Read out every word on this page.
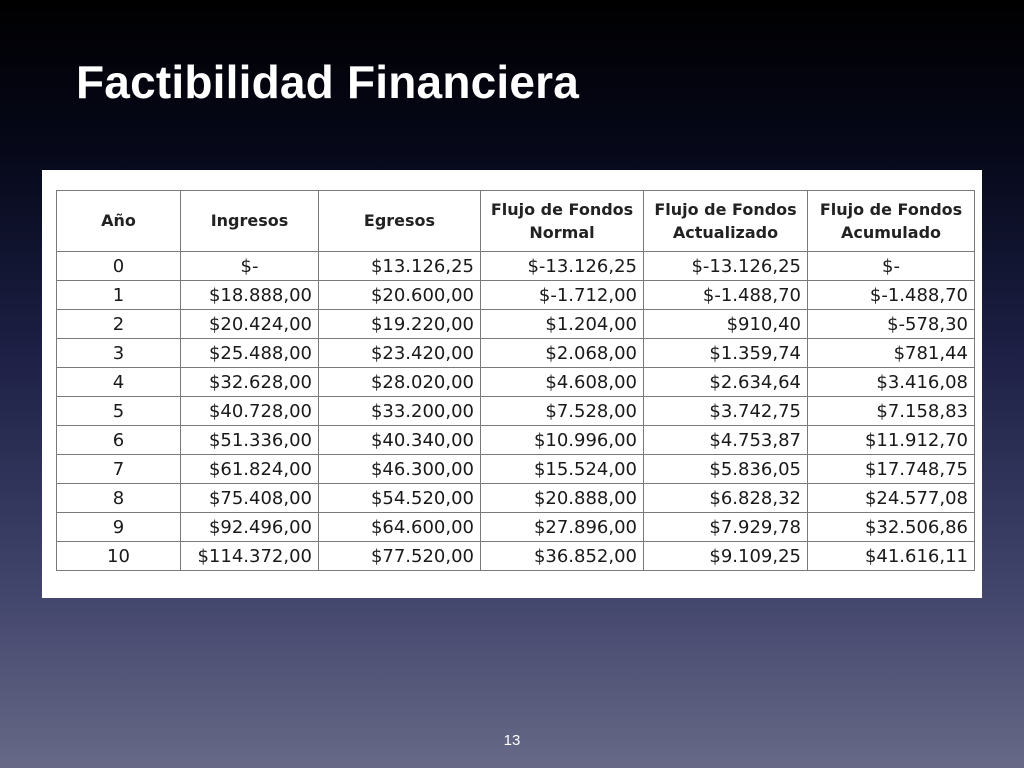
Factibilidad Financiera
Año	Ingresos	Egresos	Flujo de Fondos Normal	Flujo de Fondos Actualizado	Flujo de Fondos Acumulado
0	$-	$13.126,25	$-13.126,25	$-13.126,25	$-
1	$18.888,00	$20.600,00	$-1.712,00	$-1.488,70	$-1.488,70
2	$20.424,00	$19.220,00	$1.204,00	$910,40	$-578,30
3	$25.488,00	$23.420,00	$2.068,00	$1.359,74	$781,44
4	$32.628,00	$28.020,00	$4.608,00	$2.634,64	$3.416,08
5	$40.728,00	$33.200,00	$7.528,00	$3.742,75	$7.158,83
6	$51.336,00	$40.340,00	$10.996,00	$4.753,87	$11.912,70
7	$61.824,00	$46.300,00	$15.524,00	$5.836,05	$17.748,75
8	$75.408,00	$54.520,00	$20.888,00	$6.828,32	$24.577,08
9	$92.496,00	$64.600,00	$27.896,00	$7.929,78	$32.506,86
10	$114.372,00	$77.520,00	$36.852,00	$9.109,25	$41.616,11
13
